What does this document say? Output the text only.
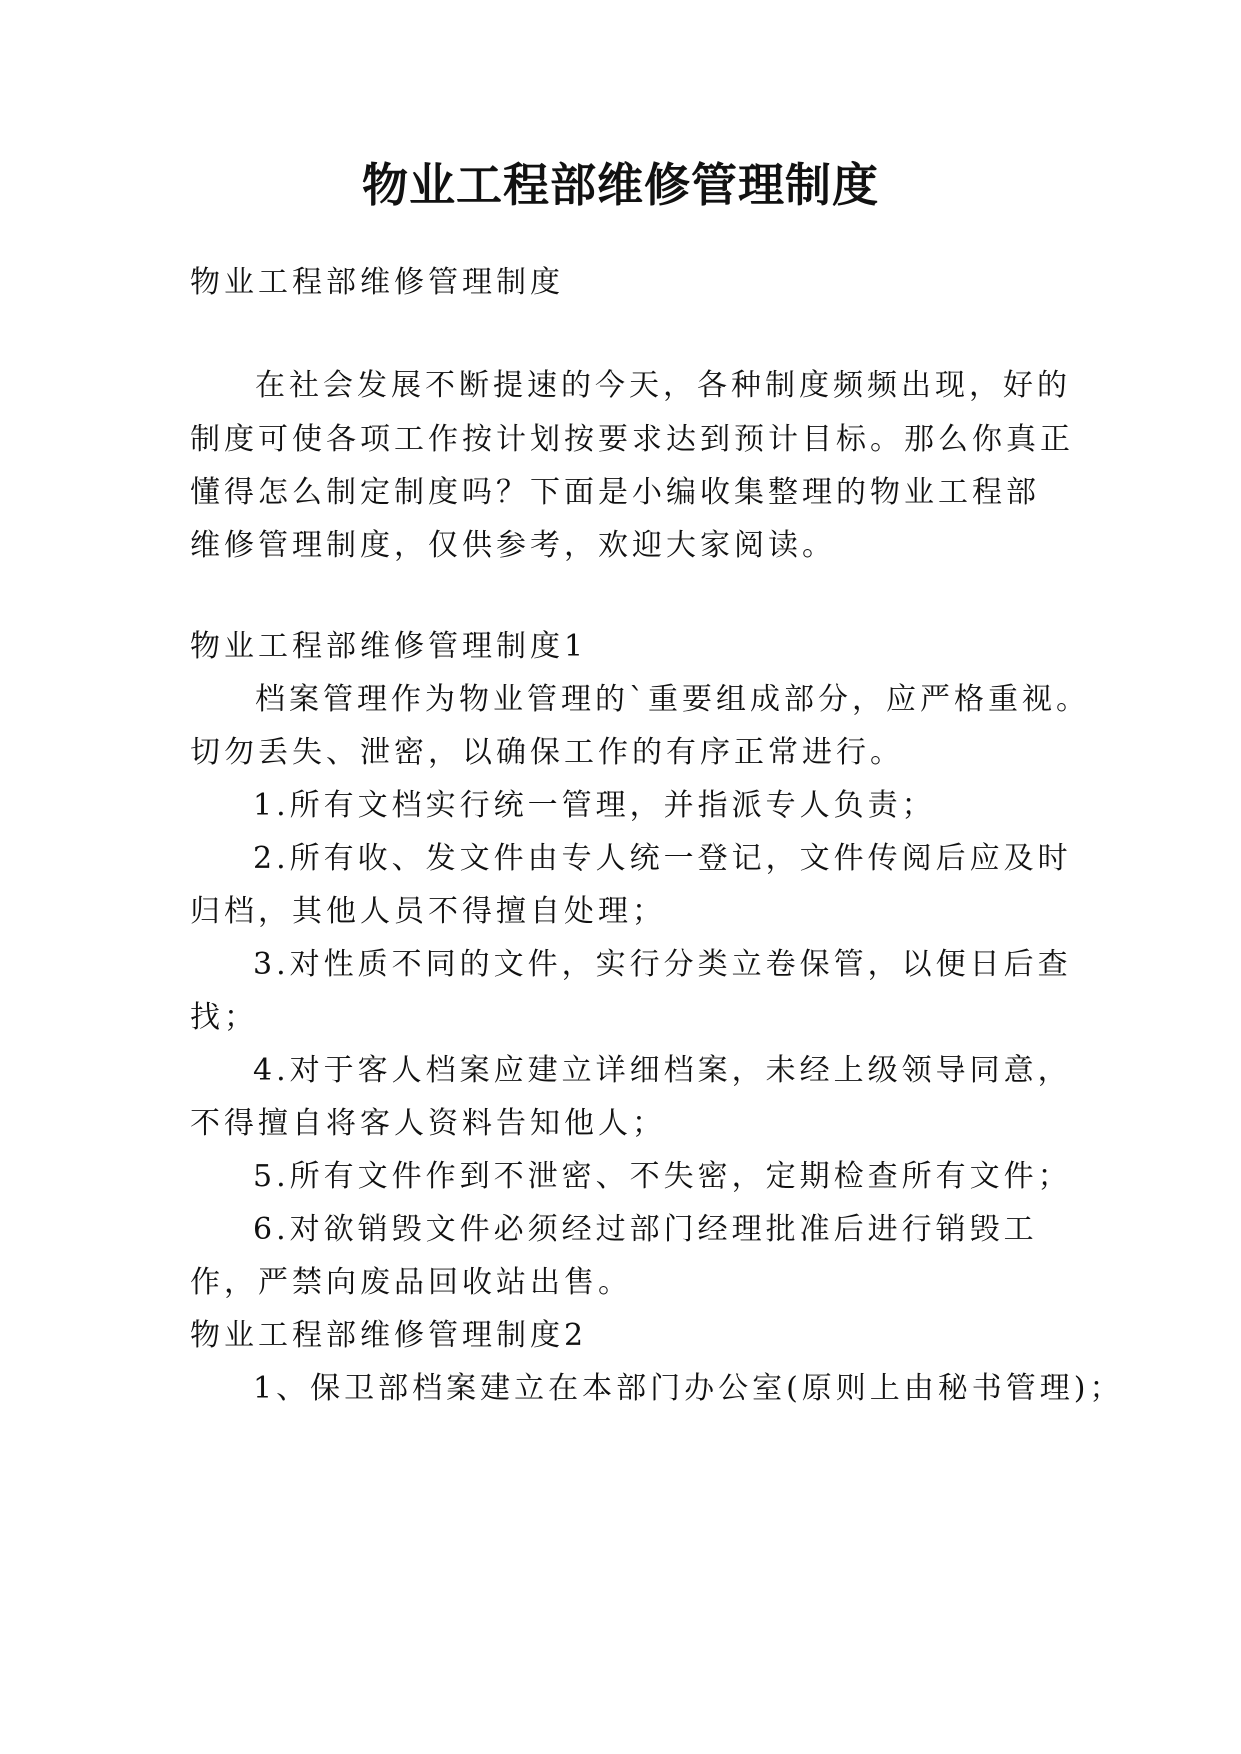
物业工程部维修管理制度

物业工程部维修管理制度

在社会发展不断提速的今天，各种制度频频出现，好的

制度可使各项工作按计划按要求达到预计目标。那么你真正

懂得怎么制定制度吗？下面是小编收集整理的物业工程部

维修管理制度，仅供参考，欢迎大家阅读。

物业工程部维修管理制度1

档案管理作为物业管理的`重要组成部分，应严格重视。

切勿丢失、泄密，以确保工作的有序正常进行。

1.所有文档实行统一管理，并指派专人负责；

2.所有收、发文件由专人统一登记，文件传阅后应及时

归档，其他人员不得擅自处理；

3.对性质不同的文件，实行分类立卷保管，以便日后查

找；

4.对于客人档案应建立详细档案，未经上级领导同意，

不得擅自将客人资料告知他人；

5.所有文件作到不泄密、不失密，定期检查所有文件；

6.对欲销毁文件必须经过部门经理批准后进行销毁工

作，严禁向废品回收站出售。

物业工程部维修管理制度2

1、保卫部档案建立在本部门办公室(原则上由秘书管理)；
